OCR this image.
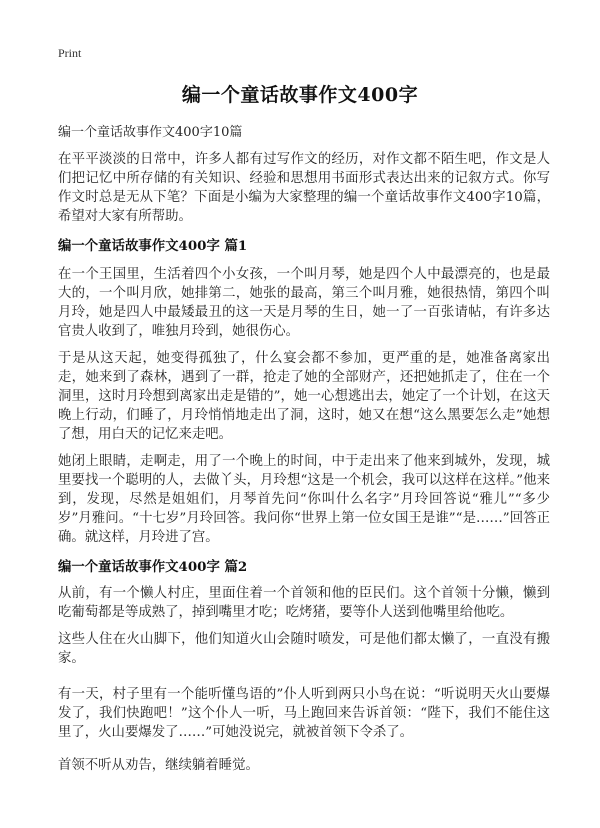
Print
编一个童话故事作文400字
编一个童话故事作文400字10篇
在平平淡淡的日常中，许多人都有过写作文的经历，对作文都不陌生吧，作文是人们把记忆中所存储的有关知识、经验和思想用书面形式表达出来的记叙方式。你写作文时总是无从下笔？下面是小编为大家整理的编一个童话故事作文400字10篇，希望对大家有所帮助。
编一个童话故事作文400字 篇1
在一个王国里，生活着四个小女孩，一个叫月琴，她是四个人中最漂亮的，也是最大的，一个叫月欣，她排第二，她张的最高，第三个叫月雅，她很热情，第四个叫月玲，她是四人中最矮最丑的这一天是月琴的生日，她一了一百张请帖，有许多达官贵人收到了，唯独月玲到，她很伤心。
于是从这天起，她变得孤独了，什么宴会都不参加，更严重的是，她准备离家出走，她来到了森林，遇到了一群，抢走了她的全部财产，还把她抓走了，住在一个洞里，这时月玲想到离家出走是错的”，她一心想逃出去，她定了一个计划，在这天晚上行动，们睡了，月玲悄悄地走出了洞，这时，她又在想“这么黑要怎么走”她想了想，用白天的记忆来走吧。
她闭上眼睛，走啊走，用了一个晚上的时间，中于走出来了他来到城外，发现，城里要找一个聪明的人，去做丫头，月玲想“这是一个机会，我可以这样在这样。”他来到，发现，尽然是姐姐们，月琴首先问“你叫什么名字”月玲回答说“雅儿”“多少岁”月雅问。“十七岁”月玲回答。我问你“世界上第一位女国王是谁”“是……”回答正确。就这样，月玲进了宫。
编一个童话故事作文400字 篇2
从前，有一个懒人村庄，里面住着一个首领和他的臣民们。这个首领十分懒，懒到吃葡萄都是等成熟了，掉到嘴里才吃；吃烤猪，要等仆人送到他嘴里给他吃。
这些人住在火山脚下，他们知道火山会随时喷发，可是他们都太懒了，一直没有搬家。
有一天，村子里有一个能听懂鸟语的”仆人听到两只小鸟在说：“听说明天火山要爆发了，我们快跑吧！”这个仆人一听，马上跑回来告诉首领：“陛下，我们不能住这里了，火山要爆发了……”可她没说完，就被首领下令杀了。
首领不听从劝告，继续躺着睡觉。
